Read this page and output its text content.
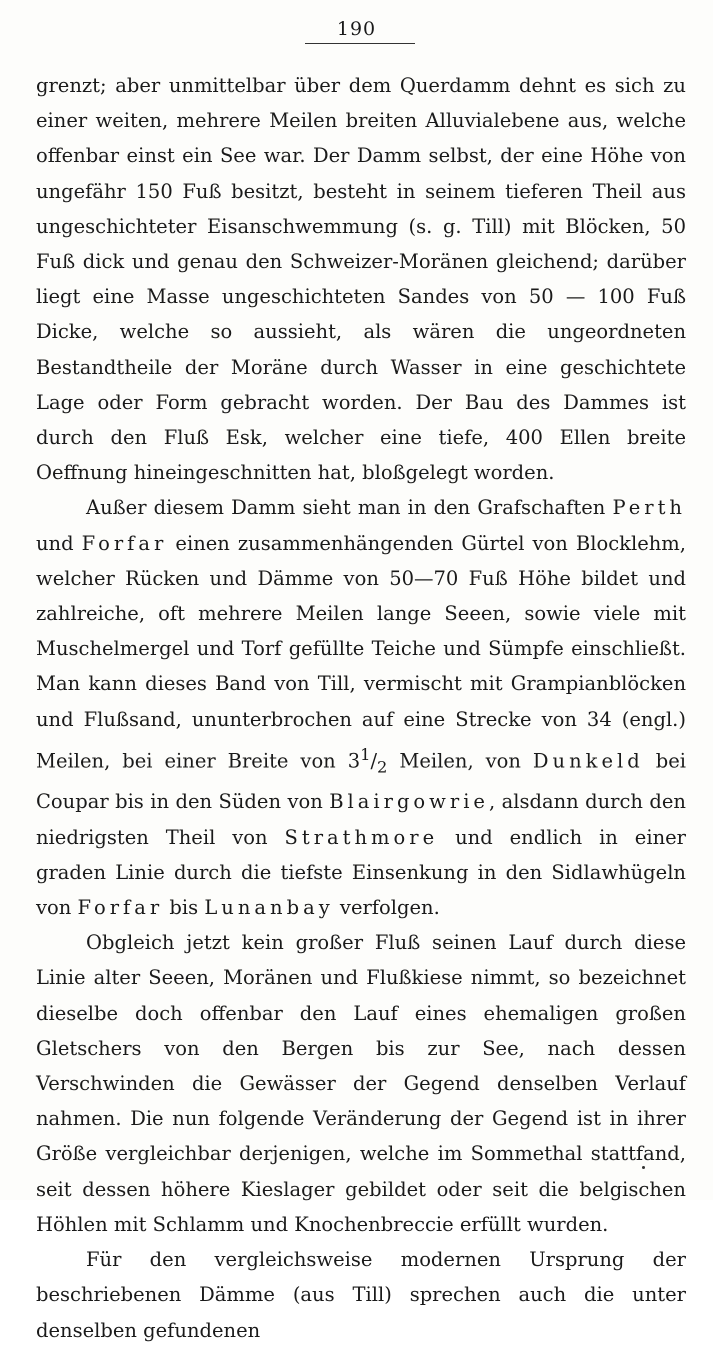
190

grenzt; aber unmittelbar über dem Querdamm dehnt es sich zu einer weiten, mehrere Meilen breiten Alluvialebene aus, welche offenbar einst ein See war. Der Damm selbst, der eine Höhe von ungefähr 150 Fuß besitzt, besteht in seinem tieferen Theil aus ungeschichteter Eisanschwemmung (s. g. Till) mit Blöcken, 50 Fuß dick und genau den Schweizer-Moränen gleichend; darüber liegt eine Masse ungeschichteten Sandes von 50 — 100 Fuß Dicke, welche so aussieht, als wären die ungeordneten Bestandtheile der Moräne durch Wasser in eine geschichtete Lage oder Form gebracht worden. Der Bau des Dammes ist durch den Fluß Esk, welcher eine tiefe, 400 Ellen breite Oeffnung hineingeschnitten hat, bloßgelegt worden.

Außer diesem Damm sieht man in den Grafschaften Perth und Forfar einen zusammenhängenden Gürtel von Blocklehm, welcher Rücken und Dämme von 50—70 Fuß Höhe bildet und zahlreiche, oft mehrere Meilen lange Seeen, sowie viele mit Muschelmergel und Torf gefüllte Teiche und Sümpfe einschließt. Man kann dieses Band von Till, vermischt mit Grampianblöcken und Flußsand, ununterbrochen auf eine Strecke von 34 (engl.) Meilen, bei einer Breite von $3^1/_2$ Meilen, von Dunkeld bei Coupar bis in den Süden von Blairgowrie, alsdann durch den niedrigsten Theil von Strathmore und endlich in einer graden Linie durch die tiefste Einsenkung in den Sidlawhügeln von Forfar bis Lunanbay verfolgen.

Obgleich jetzt kein großer Fluß seinen Lauf durch diese Linie alter Seeen, Moränen und Flußkiese nimmt, so bezeichnet dieselbe doch offenbar den Lauf eines ehemaligen großen Gletschers von den Bergen bis zur See, nach dessen Verschwinden die Gewässer der Gegend denselben Verlauf nahmen. Die nun folgende Veränderung der Gegend ist in ihrer Größe vergleichbar derjenigen, welche im Sommethal stattfand, seit dessen höhere Kieslager gebildet oder seit die belgischen Höhlen mit Schlamm und Knochenbreccie erfüllt wurden.

Für den vergleichsweise modernen Ursprung der beschriebenen Dämme (aus Till) sprechen auch die unter denselben gefundenen
